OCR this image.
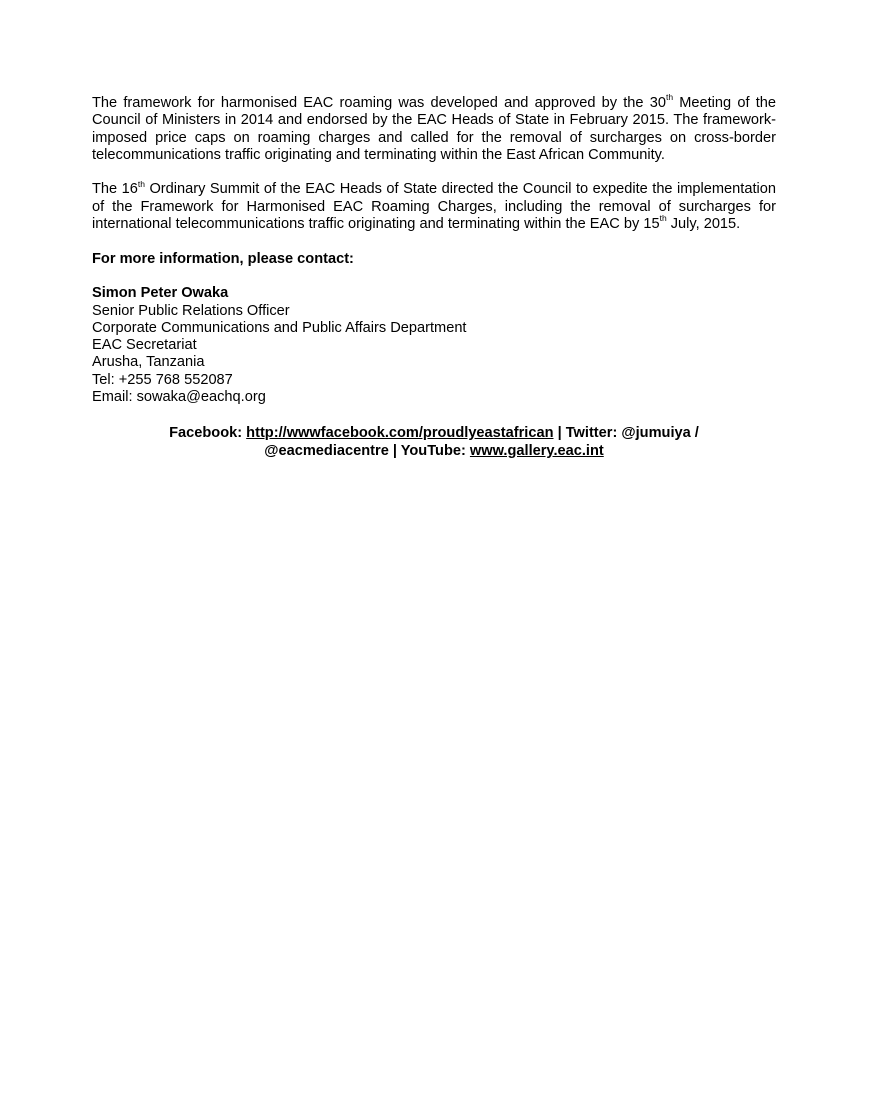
The framework for harmonised EAC roaming was developed and approved by the 30th Meeting of the Council of Ministers in 2014 and endorsed by the EAC Heads of State in February 2015. The framework-imposed price caps on roaming charges and called for the removal of surcharges on cross-border telecommunications traffic originating and terminating within the East African Community.

The 16th Ordinary Summit of the EAC Heads of State directed the Council to expedite the implementation of the Framework for Harmonised EAC Roaming Charges, including the removal of surcharges for international telecommunications traffic originating and terminating within the EAC by 15th July, 2015.

For more information, please contact:
Simon Peter Owaka
Senior Public Relations Officer
Corporate Communications and Public Affairs Department
EAC Secretariat
Arusha, Tanzania
Tel: +255 768 552087
Email: sowaka@eachq.org
Facebook: http://wwwfacebook.com/proudlyeastafrican | Twitter: @jumuiya / @eacmediacentre | YouTube: www.gallery.eac.int
